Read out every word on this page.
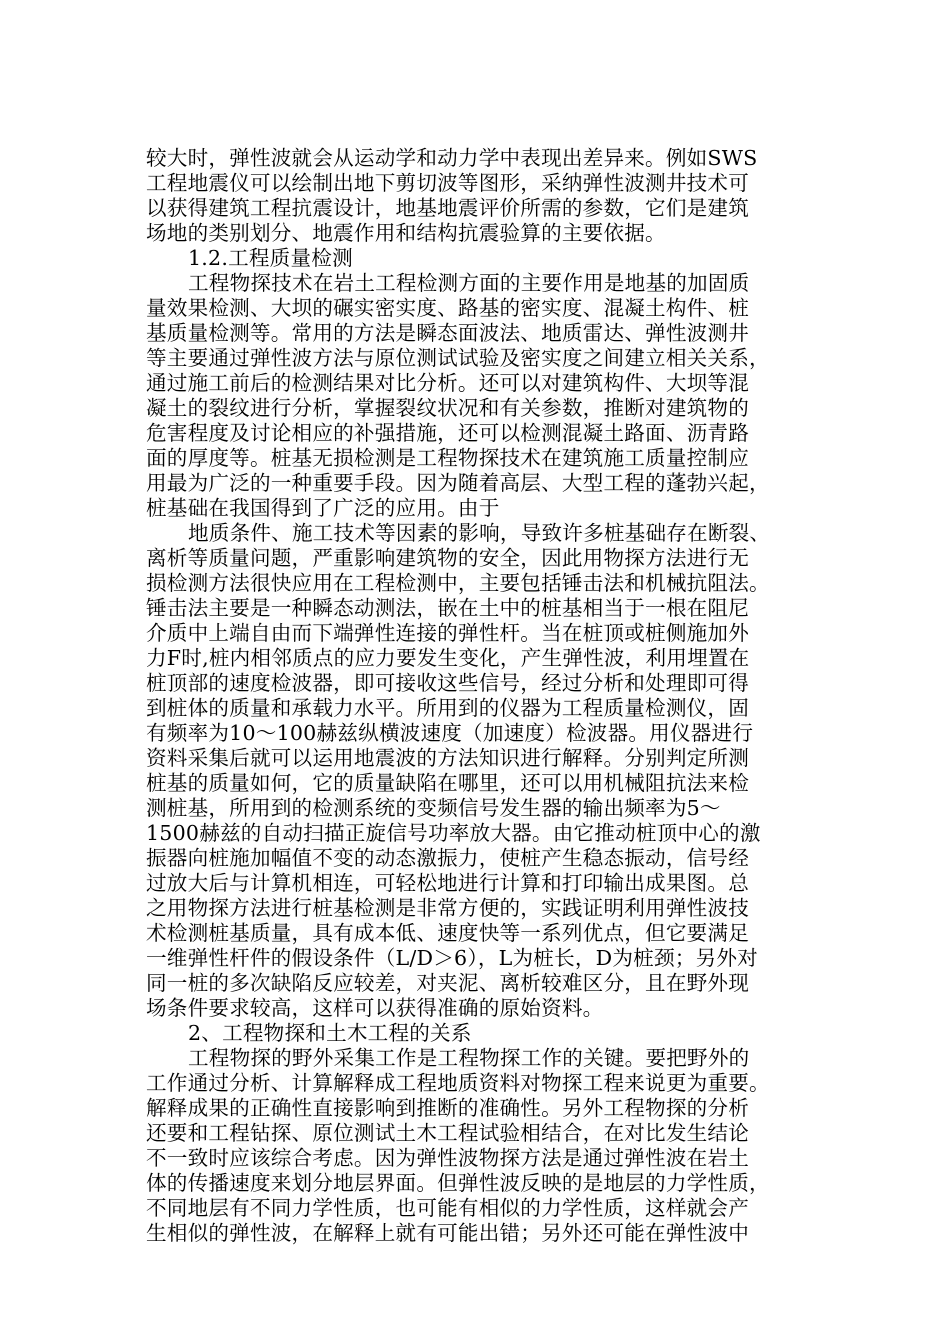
较大时，弹性波就会从运动学和动力学中表现出差异来。例如SWS
工程地震仪可以绘制出地下剪切波等图形，采纳弹性波测井技术可
以获得建筑工程抗震设计，地基地震评价所需的参数，它们是建筑
场地的类别划分、地震作用和结构抗震验算的主要依据。
1.2.工程质量检测
工程物探技术在岩土工程检测方面的主要作用是地基的加固质
量效果检测、大坝的碾实密实度、路基的密实度、混凝土构件、桩
基质量检测等。常用的方法是瞬态面波法、地质雷达、弹性波测井
等主要通过弹性波方法与原位测试试验及密实度之间建立相关关系，
通过施工前后的检测结果对比分析。还可以对建筑构件、大坝等混
凝土的裂纹进行分析，掌握裂纹状况和有关参数，推断对建筑物的
危害程度及讨论相应的补强措施，还可以检测混凝土路面、沥青路
面的厚度等。桩基无损检测是工程物探技术在建筑施工质量控制应
用最为广泛的一种重要手段。因为随着高层、大型工程的蓬勃兴起，
桩基础在我国得到了广泛的应用。由于
地质条件、施工技术等因素的影响，导致许多桩基础存在断裂、
离析等质量问题，严重影响建筑物的安全，因此用物探方法进行无
损检测方法很快应用在工程检测中，主要包括锤击法和机械抗阻法。
锤击法主要是一种瞬态动测法，嵌在土中的桩基相当于一根在阻尼
介质中上端自由而下端弹性连接的弹性杆。当在桩顶或桩侧施加外
力F时,桩内相邻质点的应力要发生变化，产生弹性波，利用埋置在
桩顶部的速度检波器，即可接收这些信号，经过分析和处理即可得
到桩体的质量和承载力水平。所用到的仪器为工程质量检测仪，固
有频率为10～100赫兹纵横波速度（加速度）检波器。用仪器进行
资料采集后就可以运用地震波的方法知识进行解释。分别判定所测
桩基的质量如何，它的质量缺陷在哪里，还可以用机械阻抗法来检
测桩基，所用到的检测系统的变频信号发生器的输出频率为5～
1500赫兹的自动扫描正旋信号功率放大器。由它推动桩顶中心的激
振器向桩施加幅值不变的动态激振力，使桩产生稳态振动，信号经
过放大后与计算机相连，可轻松地进行计算和打印输出成果图。总
之用物探方法进行桩基检测是非常方便的，实践证明利用弹性波技
术检测桩基质量，具有成本低、速度快等一系列优点，但它要满足
一维弹性杆件的假设条件（L/D＞6），L为桩长，D为桩颈；另外对
同一桩的多次缺陷反应较差，对夹泥、离析较难区分，且在野外现
场条件要求较高，这样可以获得准确的原始资料。
2、工程物探和土木工程的关系
工程物探的野外采集工作是工程物探工作的关键。要把野外的
工作通过分析、计算解释成工程地质资料对物探工程来说更为重要。
解释成果的正确性直接影响到推断的准确性。另外工程物探的分析
还要和工程钻探、原位测试土木工程试验相结合，在对比发生结论
不一致时应该综合考虑。因为弹性波物探方法是通过弹性波在岩土
体的传播速度来划分地层界面。但弹性波反映的是地层的力学性质，
不同地层有不同力学性质，也可能有相似的力学性质，这样就会产
生相似的弹性波，在解释上就有可能出错；另外还可能在弹性波中
